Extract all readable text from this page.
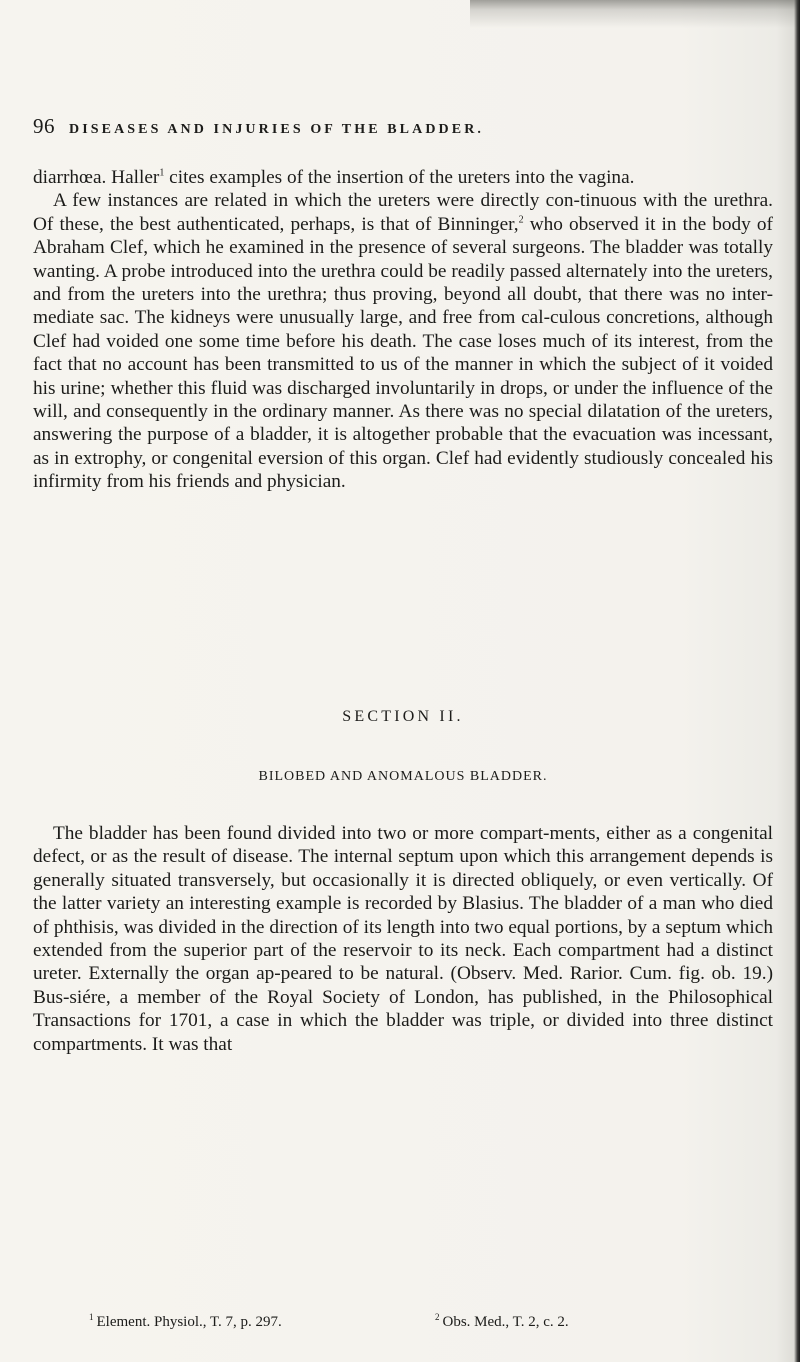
96 DISEASES AND INJURIES OF THE BLADDER.

diarrhœa. Haller$^1$ cites examples of the insertion of the ureters into the vagina.

A few instances are related in which the ureters were directly con-tinuous with the urethra. Of these, the best authenticated, perhaps, is that of Binninger,$^2$ who observed it in the body of Abraham Clef, which he examined in the presence of several surgeons. The bladder was totally wanting. A probe introduced into the urethra could be readily passed alternately into the ureters, and from the ureters into the urethra; thus proving, beyond all doubt, that there was no inter-mediate sac. The kidneys were unusually large, and free from cal-culous concretions, although Clef had voided one some time before his death. The case loses much of its interest, from the fact that no account has been transmitted to us of the manner in which the subject of it voided his urine; whether this fluid was discharged involuntarily in drops, or under the influence of the will, and consequently in the ordinary manner. As there was no special dilatation of the ureters, answering the purpose of a bladder, it is altogether probable that the evacuation was incessant, as in extrophy, or congenital eversion of this organ. Clef had evidently studiously concealed his infirmity from his friends and physician.

SECTION II.
BILOBED AND ANOMALOUS BLADDER.

The bladder has been found divided into two or more compart-ments, either as a congenital defect, or as the result of disease. The internal septum upon which this arrangement depends is generally situated transversely, but occasionally it is directed obliquely, or even vertically. Of the latter variety an interesting example is recorded by Blasius. The bladder of a man who died of phthisis, was divided in the direction of its length into two equal portions, by a septum which extended from the superior part of the reservoir to its neck. Each compartment had a distinct ureter. Externally the organ ap-peared to be natural. (Observ. Med. Rarior. Cum. fig. ob. 19.) Bus-siére, a member of the Royal Society of London, has published, in the Philosophical Transactions for 1701, a case in which the bladder was triple, or divided into three distinct compartments. It was that

$^1$ Element. Physiol., T. 7, p. 297.	$^2$ Obs. Med., T. 2, c. 2.
